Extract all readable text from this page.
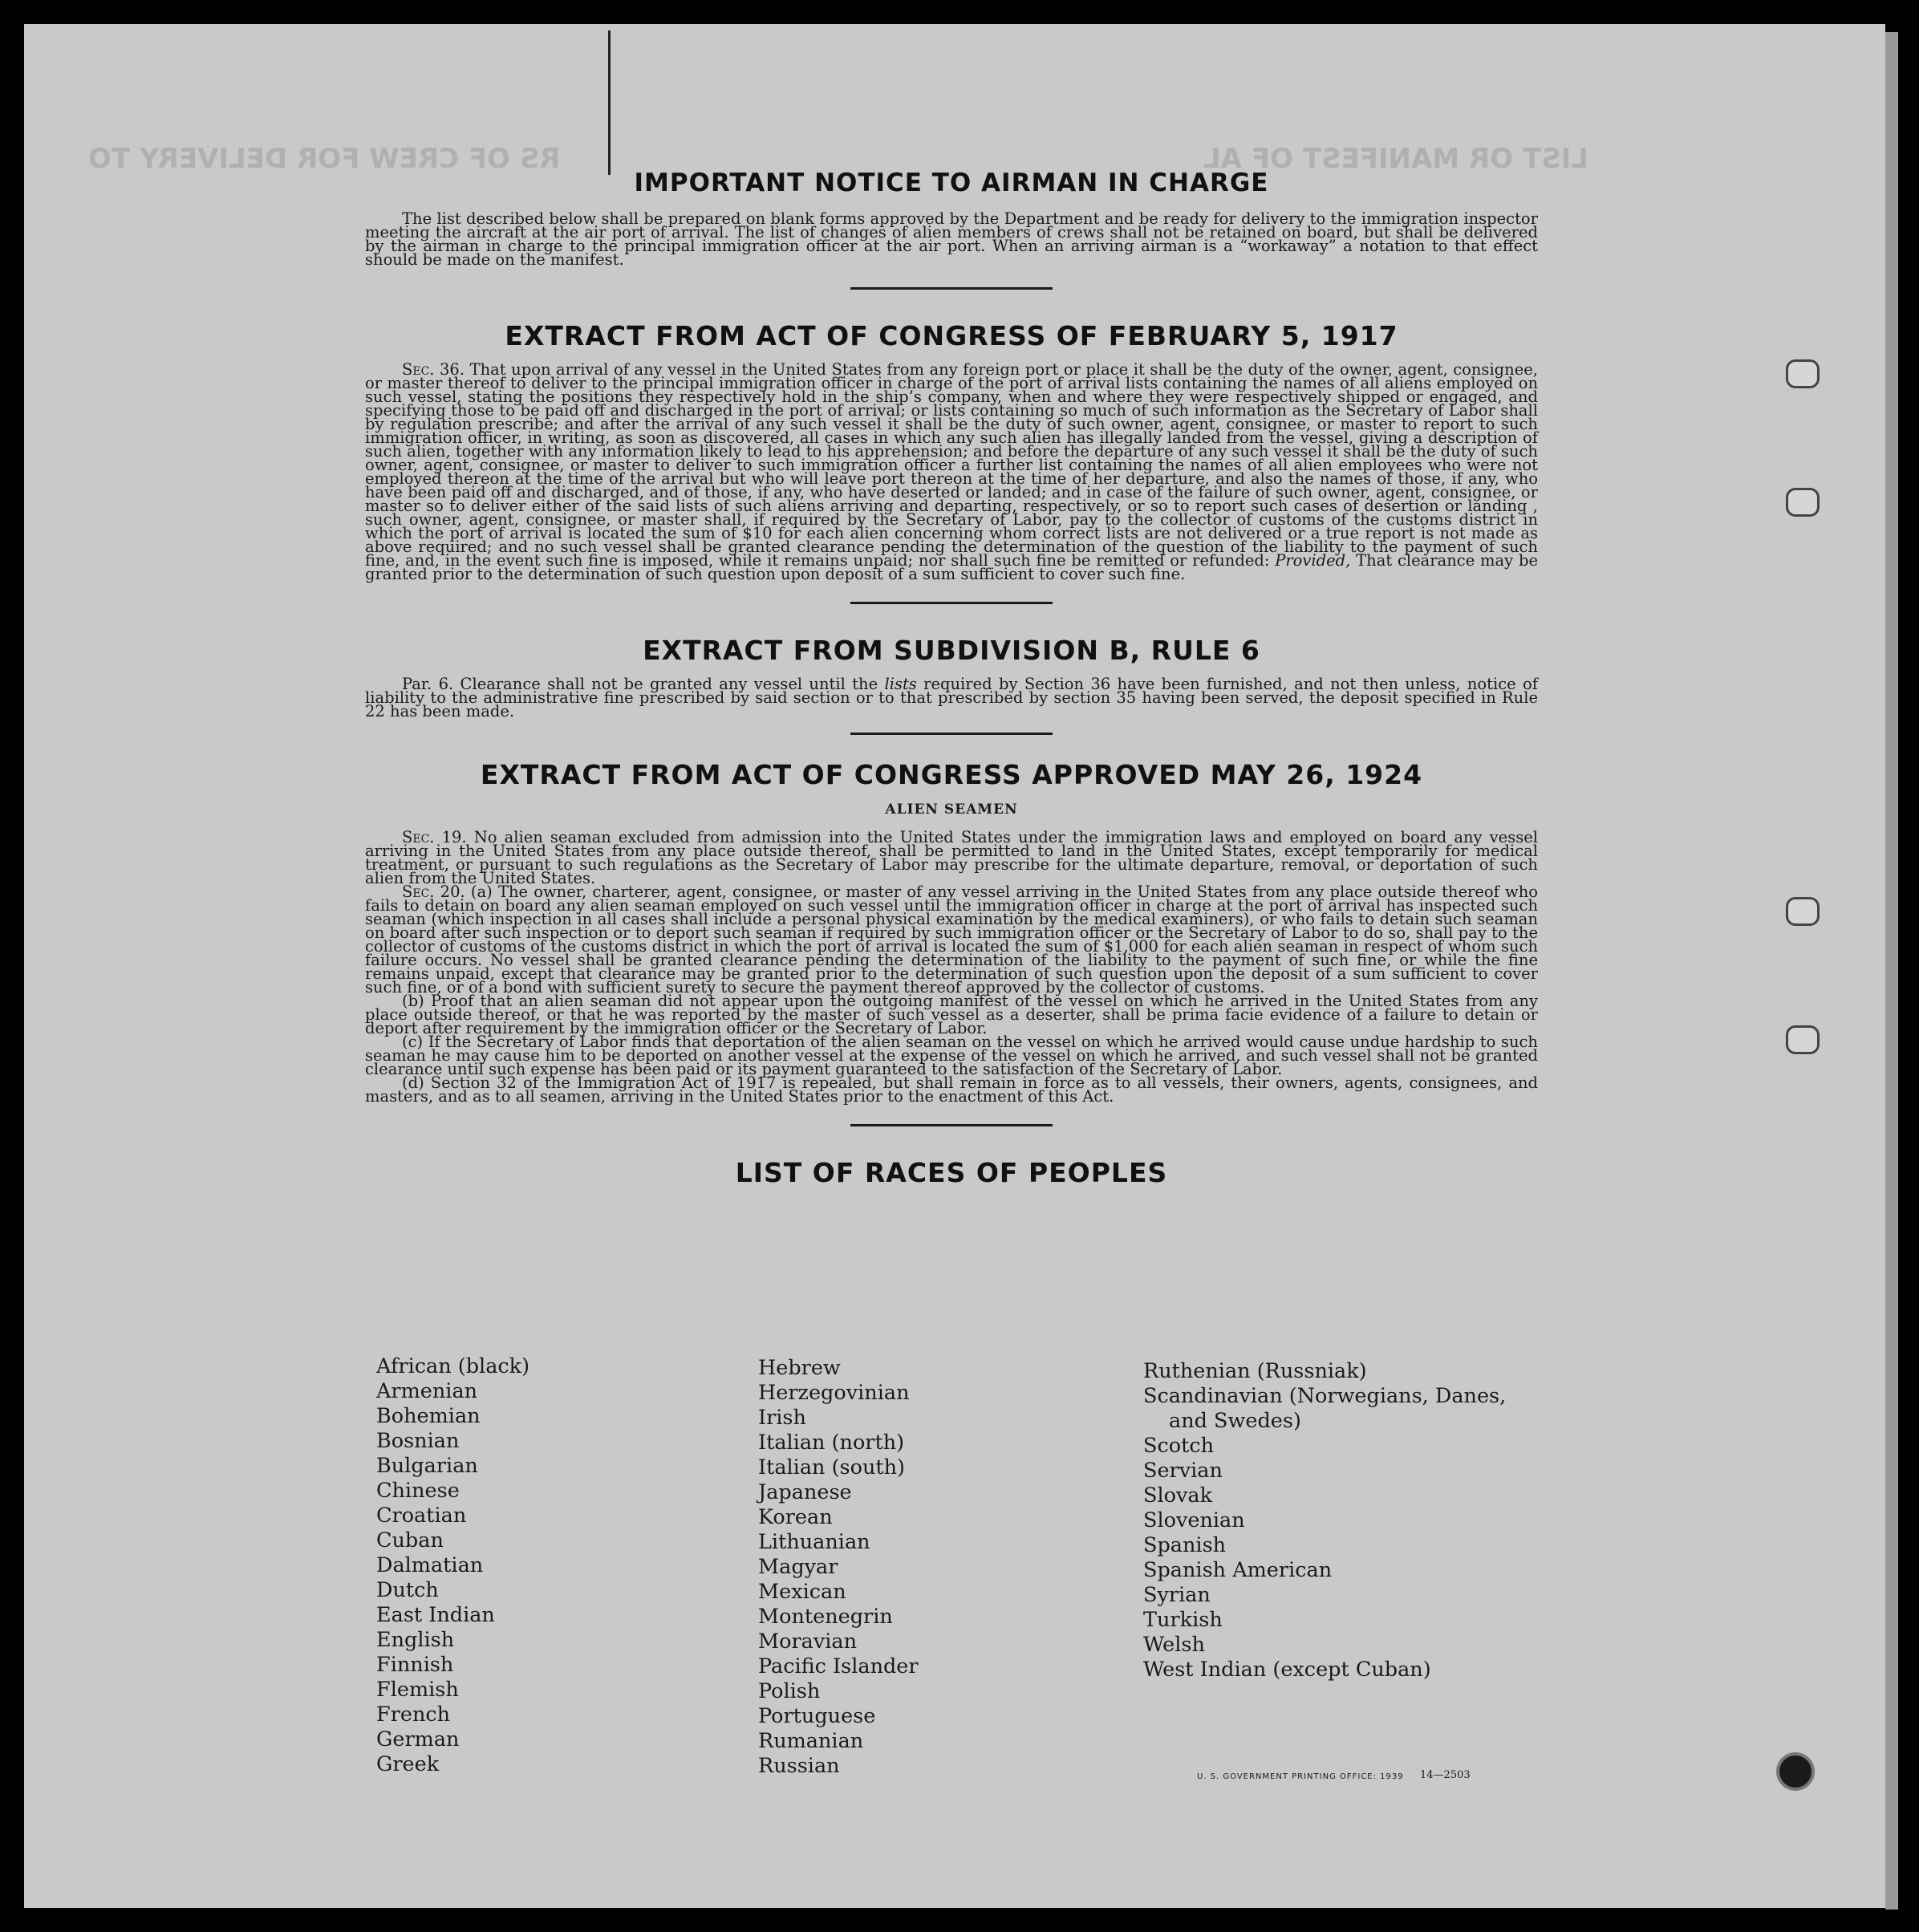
RS OF CREW FOR DELIVERY TO	LIST OR MANIFEST OF AL
IMPORTANT NOTICE TO AIRMAN IN CHARGE

The list described below shall be prepared on blank forms approved by the Department and be ready for delivery to the immigration inspector meeting the aircraft at the air port of arrival. The list of changes of alien members of crews shall not be retained on board, but shall be delivered by the airman in charge to the principal immigration officer at the air port. When an arriving airman is a “workaway” a notation to that effect should be made on the manifest.

EXTRACT FROM ACT OF CONGRESS OF FEBRUARY 5, 1917

Sec. 36. That upon arrival of any vessel in the United States from any foreign port or place it shall be the duty of the owner, agent, consignee, or master thereof to deliver to the principal immigration officer in charge of the port of arrival lists containing the names of all aliens employed on such vessel, stating the positions they respectively hold in the ship’s company, when and where they were respectively shipped or engaged, and specifying those to be paid off and discharged in the port of arrival; or lists containing so much of such information as the Secretary of Labor shall by regulation prescribe; and after the arrival of any such vessel it shall be the duty of such owner, agent, consignee, or master to report to such immigration officer, in writing, as soon as discovered, all cases in which any such alien has illegally landed from the vessel, giving a description of such alien, together with any information likely to lead to his apprehension; and before the departure of any such vessel it shall be the duty of such owner, agent, consignee, or master to deliver to such immigration officer a further list containing the names of all alien employees who were not employed thereon at the time of the arrival but who will leave port thereon at the time of her departure, and also the names of those, if any, who have been paid off and discharged, and of those, if any, who have deserted or landed; and in case of the failure of such owner, agent, consignee, or master so to deliver either of the said lists of such aliens arriving and departing, respectively, or so to report such cases of desertion or landing , such owner, agent, consignee, or master shall, if required by the Secretary of Labor, pay to the collector of customs of the customs district in which the port of arrival is located the sum of $10 for each alien concerning whom correct lists are not delivered or a true report is not made as above required; and no such vessel shall be granted clearance pending the determination of the question of the liability to the payment of such fine, and, in the event such fine is imposed, while it remains unpaid; nor shall such fine be remitted or refunded: Provided, That clearance may be granted prior to the determination of such question upon deposit of a sum sufficient to cover such fine.

EXTRACT FROM SUBDIVISION B, RULE 6

Par. 6. Clearance shall not be granted any vessel until the lists required by Section 36 have been furnished, and not then unless, notice of liability to the administrative fine prescribed by said section or to that prescribed by section 35 having been served, the deposit specified in Rule 22 has been made.

EXTRACT FROM ACT OF CONGRESS APPROVED MAY 26, 1924
ALIEN SEAMEN

Sec. 19. No alien seaman excluded from admission into the United States under the immigration laws and employed on board any vessel arriving in the United States from any place outside thereof, shall be permitted to land in the United States, except temporarily for medical treatment, or pursuant to such regulations as the Secretary of Labor may prescribe for the ultimate departure, removal, or deportation of such alien from the United States.

Sec. 20. (a) The owner, charterer, agent, consignee, or master of any vessel arriving in the United States from any place outside thereof who fails to detain on board any alien seaman employed on such vessel until the immigration officer in charge at the port of arrival has inspected such seaman (which inspection in all cases shall include a personal physical examination by the medical examiners), or who fails to detain such seaman on board after such inspection or to deport such seaman if required by such immigration officer or the Secretary of Labor to do so, shall pay to the collector of customs of the customs district in which the port of arrival is located the sum of $1,000 for each alien seaman in respect of whom such failure occurs. No vessel shall be granted clearance pending the determination of the liability to the payment of such fine, or while the fine remains unpaid, except that clearance may be granted prior to the determination of such question upon the deposit of a sum sufficient to cover such fine, or of a bond with sufficient surety to secure the payment thereof approved by the collector of customs.

(b) Proof that an alien seaman did not appear upon the outgoing manifest of the vessel on which he arrived in the United States from any place outside thereof, or that he was reported by the master of such vessel as a deserter, shall be prima facie evidence of a failure to detain or deport after requirement by the immigration officer or the Secretary of Labor.

(c) If the Secretary of Labor finds that deportation of the alien seaman on the vessel on which he arrived would cause undue hardship to such seaman he may cause him to be deported on another vessel at the expense of the vessel on which he arrived, and such vessel shall not be granted clearance until such expense has been paid or its payment guaranteed to the satisfaction of the Secretary of Labor.

(d) Section 32 of the Immigration Act of 1917 is repealed, but shall remain in force as to all vessels, their owners, agents, consignees, and masters, and as to all seamen, arriving in the United States prior to the enactment of this Act.

LIST OF RACES OF PEOPLES
African (black)
Armenian
Bohemian
Bosnian
Bulgarian
Chinese
Croatian
Cuban
Dalmatian
Dutch
East Indian
English
Finnish
Flemish
French
German
Greek
Hebrew
Herzegovinian
Irish
Italian (north)
Italian (south)
Japanese
Korean
Lithuanian
Magyar
Mexican
Montenegrin
Moravian
Pacific Islander
Polish
Portuguese
Rumanian
Russian
Ruthenian (Russniak)
Scandinavian (Norwegians, Danes,
and Swedes)
Scotch
Servian
Slovak
Slovenian
Spanish
Spanish American
Syrian
Turkish
Welsh
West Indian (except Cuban)
U. S. GOVERNMENT PRINTING OFFICE: 1939 14—2503
